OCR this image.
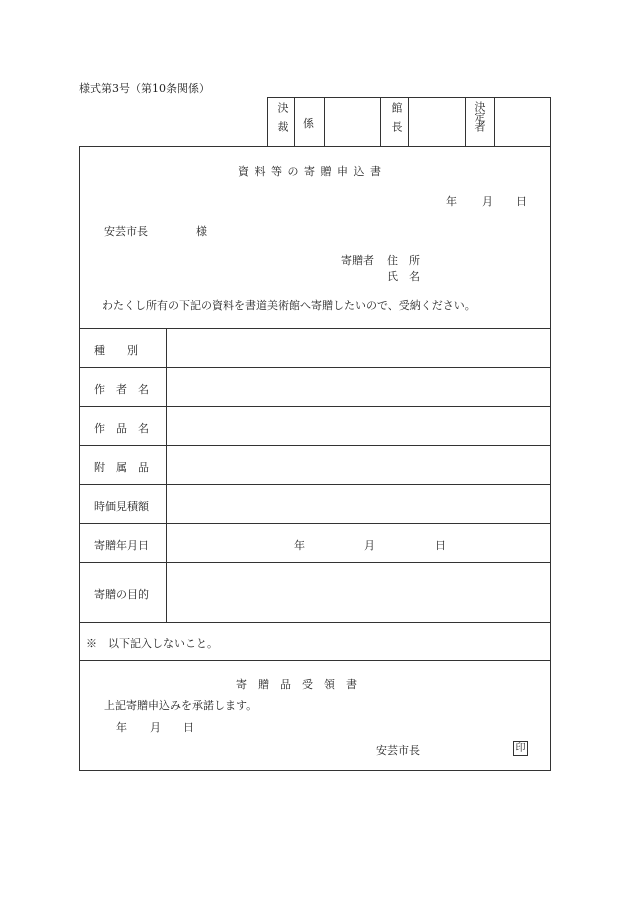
様式第3号（第10条関係）
決裁 係	館長	決定者
資 料 等 の 寄 贈 申 込 書
年 月 日
安芸市長	様
寄贈者 住　所
氏　名
わたくし所有の下記の資料を書道美術館へ寄贈したいので、受納ください。
種　　別
作　者　名
作　品　名
附　属　品
時価見積額
寄贈年月日	年	月	日
寄贈の目的
※　以下記入しないこと。
寄　贈　品　受　領　書
上記寄贈申込みを承諾します。
年 月 日
安芸市長	印
